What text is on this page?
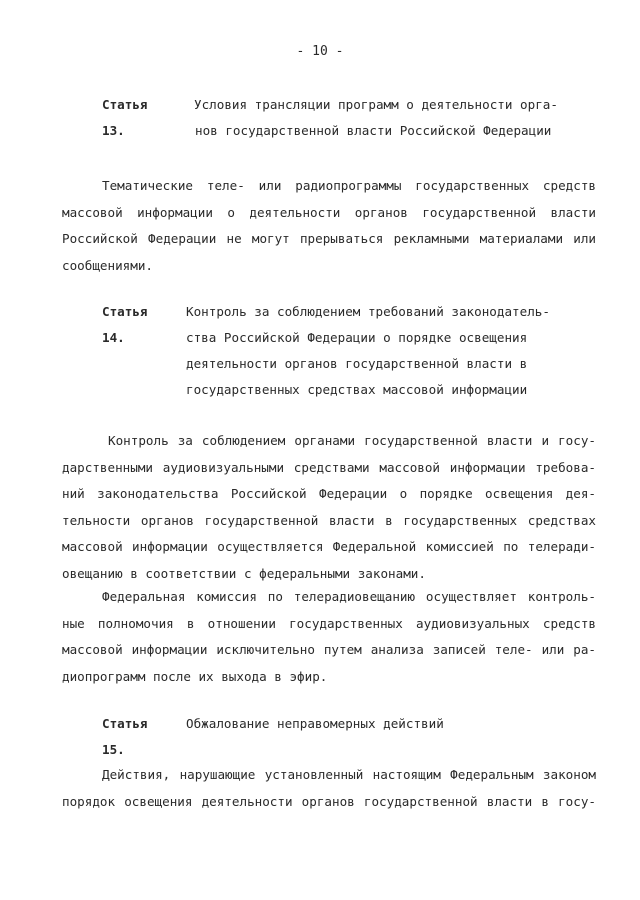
- 10 -
Статья 13.
Условия трансляции программ о деятельности орга-
нов государственной власти Российской Федерации
Тематические теле- или радиопрограммы государственных средств
массовой информации о деятельности органов государственной власти
Российской Федерации не могут прерываться рекламными материалами или
сообщениями.
Статья 14.
Контроль за соблюдением требований законодатель-
ства Российской Федерации о порядке освещения
деятельности органов государственной власти в
государственных средствах массовой информации
Контроль за соблюдением органами государственной власти и госу-
дарственными аудиовизуальными средствами массовой информации требова-
ний законодательства Российской Федерации о порядке освещения дея-
тельности органов государственной власти в государственных средствах
массовой информации осуществляется Федеральной комиссией по телеради-
овещанию в соответствии с федеральными законами.
Федеральная комиссия по телерадиовещанию осуществляет контроль-
ные полномочия в отношении государственных аудиовизуальных средств
массовой информации исключительно путем анализа записей теле- или ра-
диопрограмм после их выхода в эфир.
Статья 15.
Обжалование неправомерных действий
Действия, нарушающие установленный настоящим Федеральным законом
порядок освещения деятельности органов государственной власти в госу-
